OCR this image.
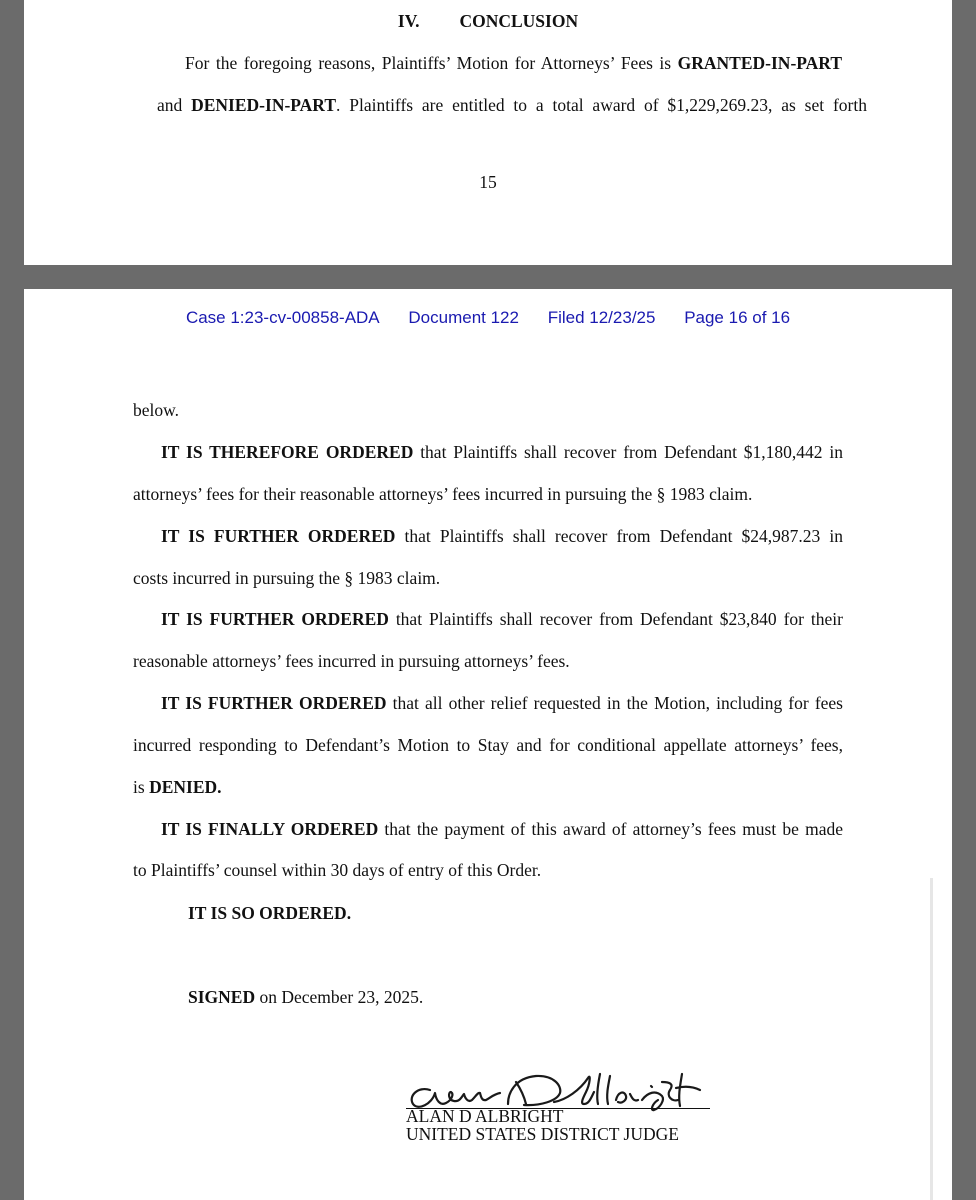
IV. CONCLUSION
For the foregoing reasons, Plaintiffs’ Motion for Attorneys’ Fees is GRANTED-IN-PART
and DENIED-IN-PART. Plaintiffs are entitled to a total award of $1,229,269.23, as set forth
15
Case 1:23-cv-00858-ADA Document 122 Filed 12/23/25 Page 16 of 16
below.
IT IS THEREFORE ORDERED that Plaintiffs shall recover from Defendant $1,180,442 in
attorneys’ fees for their reasonable attorneys’ fees incurred in pursuing the § 1983 claim.
IT IS FURTHER ORDERED that Plaintiffs shall recover from Defendant $24,987.23 in
costs incurred in pursuing the § 1983 claim.
IT IS FURTHER ORDERED that Plaintiffs shall recover from Defendant $23,840 for their
reasonable attorneys’ fees incurred in pursuing attorneys’ fees.
IT IS FURTHER ORDERED that all other relief requested in the Motion, including for fees
incurred responding to Defendant’s Motion to Stay and for conditional appellate attorneys’ fees,
is DENIED.
IT IS FINALLY ORDERED that the payment of this award of attorney’s fees must be made
to Plaintiffs’ counsel within 30 days of entry of this Order.
IT IS SO ORDERED.
SIGNED on December 23, 2025.
ALAN D ALBRIGHT
UNITED STATES DISTRICT JUDGE
